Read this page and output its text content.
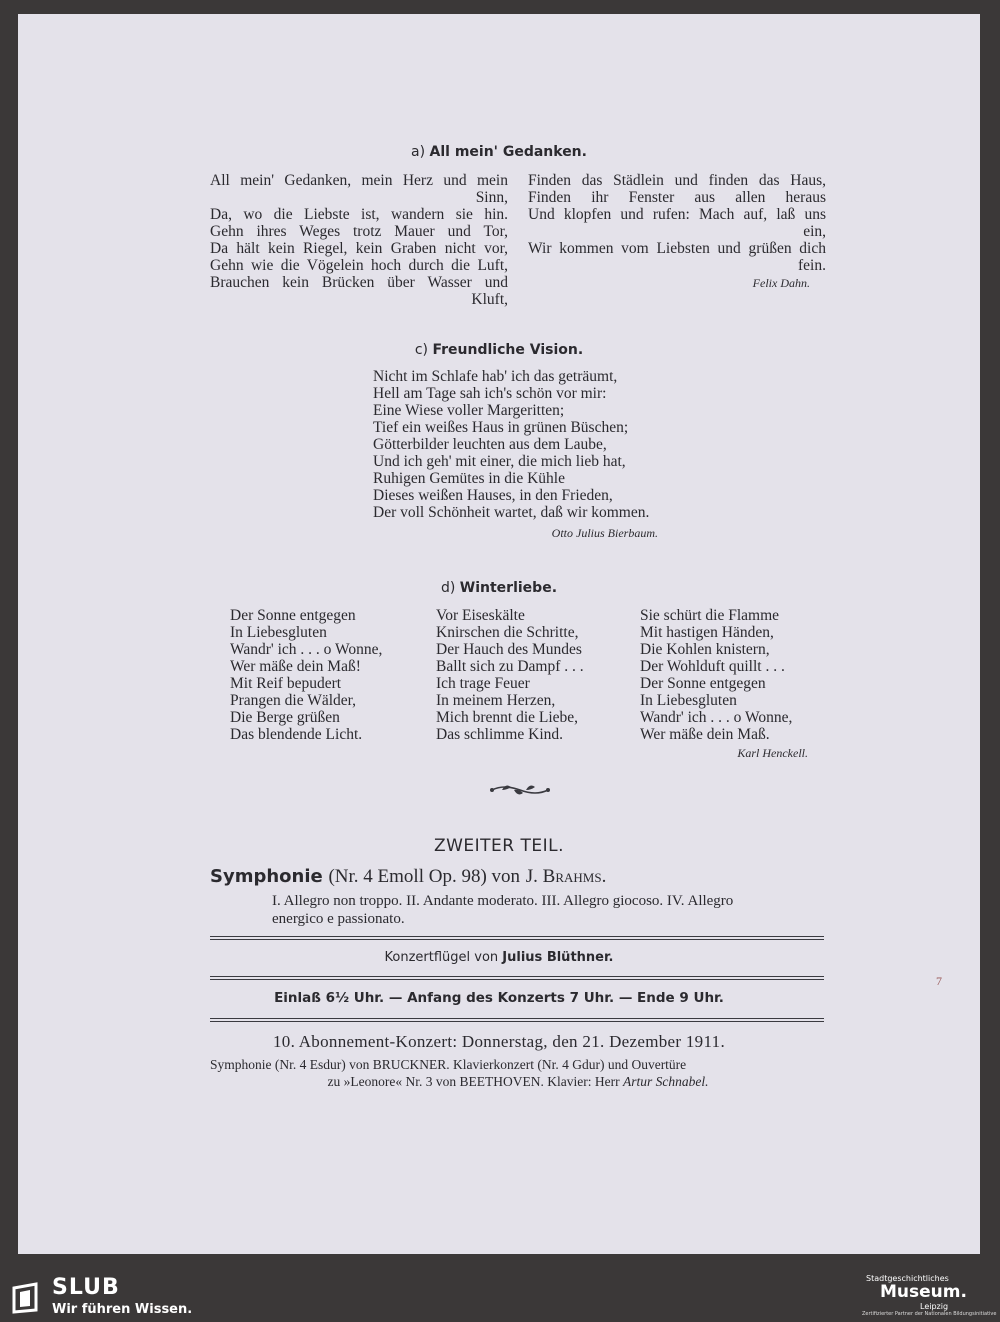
a) All mein' Gedanken.
All mein' Gedanken, mein Herz und mein
Sinn,
Da, wo die Liebste ist, wandern sie hin.
Gehn ihres Weges trotz Mauer und Tor,
Da hält kein Riegel, kein Graben nicht vor,
Gehn wie die Vögelein hoch durch die Luft,
Brauchen kein Brücken über Wasser und
Kluft,
Finden das Städlein und finden das Haus,
Finden ihr Fenster aus allen heraus
Und klopfen und rufen: Mach auf, laß uns
ein,
Wir kommen vom Liebsten und grüßen dich
fein.
Felix Dahn.
c) Freundliche Vision.
Nicht im Schlafe hab' ich das geträumt,
Hell am Tage sah ich's schön vor mir:
Eine Wiese voller Margeritten;
Tief ein weißes Haus in grünen Büschen;
Götterbilder leuchten aus dem Laube,
Und ich geh' mit einer, die mich lieb hat,
Ruhigen Gemütes in die Kühle
Dieses weißen Hauses, in den Frieden,
Der voll Schönheit wartet, daß wir kommen.
Otto Julius Bierbaum.
d) Winterliebe.
Der Sonne entgegen
In Liebesgluten
Wandr' ich . . . o Wonne,
Wer mäße dein Maß!
Mit Reif bepudert
Prangen die Wälder,
Die Berge grüßen
Das blendende Licht.
Vor Eiseskälte
Knirschen die Schritte,
Der Hauch des Mundes
Ballt sich zu Dampf . . .
Ich trage Feuer
In meinem Herzen,
Mich brennt die Liebe,
Das schlimme Kind.
Sie schürt die Flamme
Mit hastigen Händen,
Die Kohlen knistern,
Der Wohlduft quillt . . .
Der Sonne entgegen
In Liebesgluten
Wandr' ich . . . o Wonne,
Wer mäße dein Maß.
Karl Henckell.
ZWEITER TEIL.
Symphonie (Nr. 4 Emoll Op. 98) von J. Brahms.
I. Allegro non troppo. II. Andante moderato. III. Allegro giocoso. IV. Allegro
energico e passionato.
Konzertflügel von Julius Blüthner.
Einlaß 6½ Uhr. — Anfang des Konzerts 7 Uhr. — Ende 9 Uhr.
10. Abonnement-Konzert: Donnerstag, den 21. Dezember 1911.
Symphonie (Nr. 4 Esdur) von BRUCKNER. Klavierkonzert (Nr. 4 Gdur) und Ouvertüre
zu »Leonore« Nr. 3 von BEETHOVEN. Klavier: Herr Artur Schnabel.
7
SLUB
Wir führen Wissen.
Stadtgeschichtliches
Museum.
Leipzig
Zertifizierter Partner der Nationalen Bildungsinitiative
